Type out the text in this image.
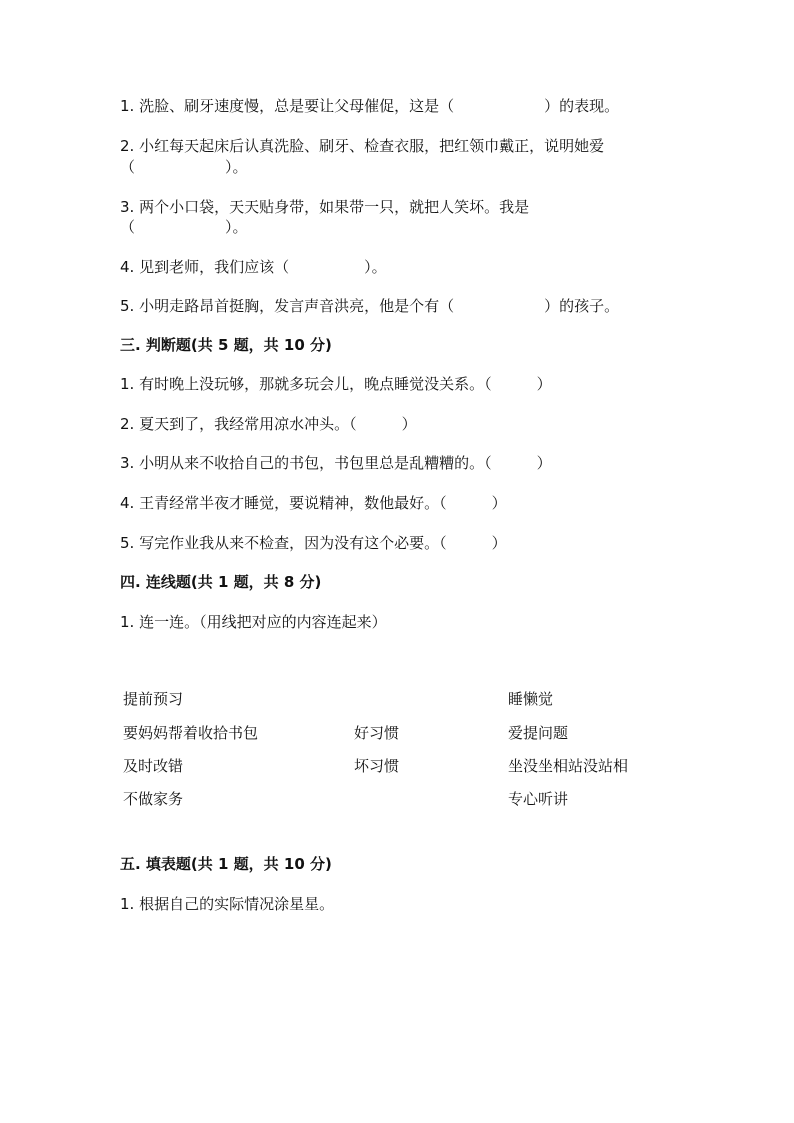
1. 洗脸、刷牙速度慢，总是要让父母催促，这是（　　　　　　）的表现。
2. 小红每天起床后认真洗脸、刷牙、检查衣服，把红领巾戴正，说明她爱
（　　　　　　）。
3. 两个小口袋，天天贴身带，如果带一只，就把人笑坏。我是
（　　　　　　）。
4. 见到老师，我们应该（　　　　　）。
5. 小明走路昂首挺胸，发言声音洪亮，他是个有（　　　　　　）的孩子。
三. 判断题(共 5 题，共 10 分)
1. 有时晚上没玩够，那就多玩会儿，晚点睡觉没关系。（　　　）
2. 夏天到了，我经常用凉水冲头。（　　　）
3. 小明从来不收拾自己的书包，书包里总是乱糟糟的。（　　　）
4. 王青经常半夜才睡觉，要说精神，数他最好。（　　　）
5. 写完作业我从来不检查，因为没有这个必要。（　　　）
四. 连线题(共 1 题，共 8 分)
1. 连一连。（用线把对应的内容连起来）
提前预习
要妈妈帮着收拾书包
及时改错
不做家务
好习惯
坏习惯
睡懒觉
爱提问题
坐没坐相站没站相
专心听讲
五. 填表题(共 1 题，共 10 分)
1. 根据自己的实际情况涂星星。
